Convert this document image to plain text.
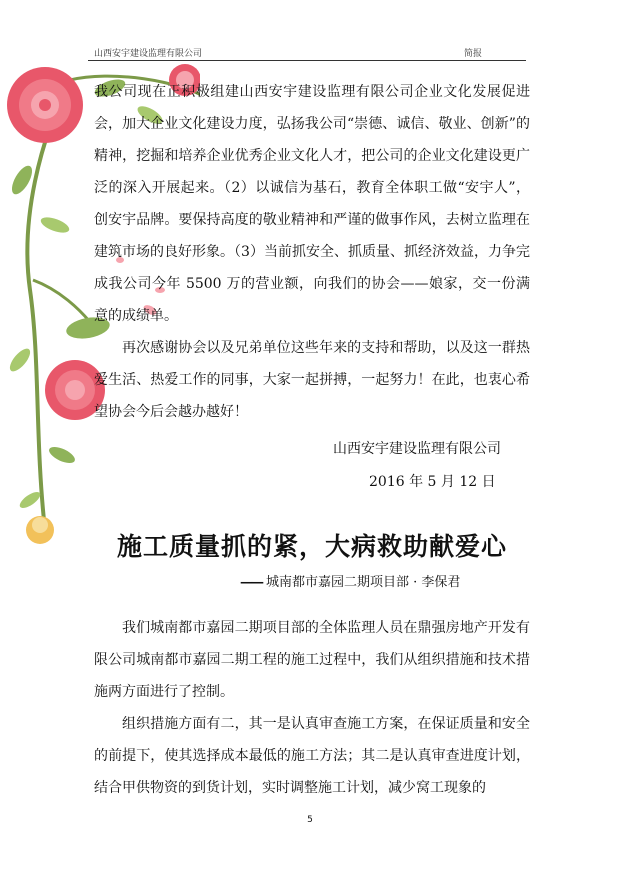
山西安宇建设监理有限公司	简报

我公司现在正积极组建山西安宇建设监理有限公司企业文化发展促进会，加大企业文化建设力度，弘扬我公司“崇德、诚信、敬业、创新”的精神，挖掘和培养企业优秀企业文化人才，把公司的企业文化建设更广泛的深入开展起来。（2）以诚信为基石，教育全体职工做“安宇人”，创安宇品牌。要保持高度的敬业精神和严谨的做事作风，去树立监理在建筑市场的良好形象。（3）当前抓安全、抓质量、抓经济效益，力争完成我公司今年 5500 万的营业额，向我们的协会——娘家，交一份满意的成绩单。

再次感谢协会以及兄弟单位这些年来的支持和帮助，以及这一群热爱生活、热爱工作的同事，大家一起拼搏，一起努力！在此，也衷心希望协会今后会越办越好！

山西安宇建设监理有限公司
2016 年 5 月 12 日
施工质量抓的紧，大病救助献爱心
—— 城南都市嘉园二期项目部 · 李保君

我们城南都市嘉园二期项目部的全体监理人员在鼎强房地产开发有限公司城南都市嘉园二期工程的施工过程中，我们从组织措施和技术措施两方面进行了控制。

组织措施方面有二，其一是认真审查施工方案，在保证质量和安全的前提下，使其选择成本最低的施工方法；其二是认真审查进度计划，结合甲供物资的到货计划，实时调整施工计划，减少窝工现象的

5
